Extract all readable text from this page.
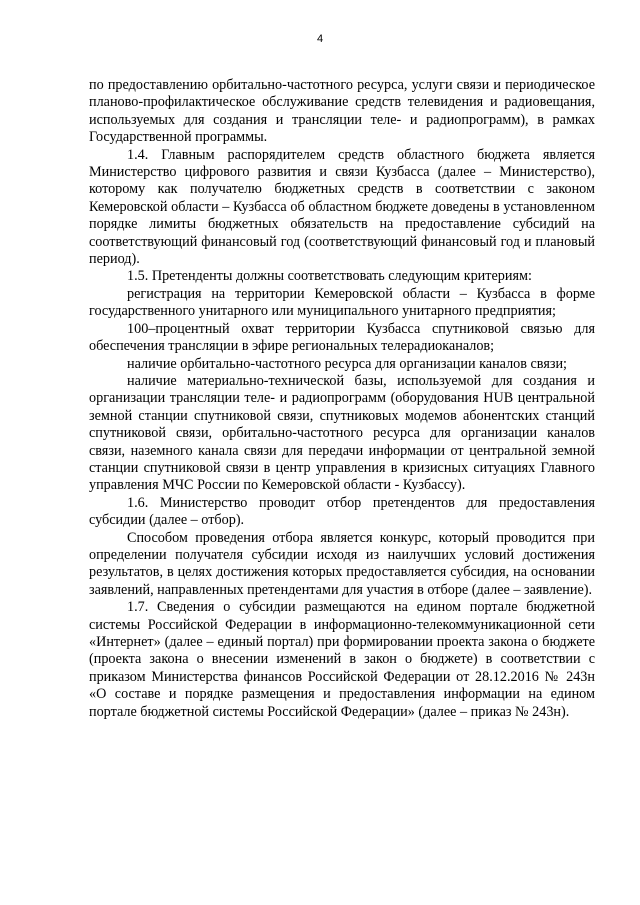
4

по предоставлению орбитально-частотного ресурса, услуги связи и периодическое планово-профилактическое обслуживание средств телевидения и радиовещания, используемых для создания и трансляции теле- и радиопрограмм), в рамках Государственной программы.

1.4. Главным распорядителем средств областного бюджета является Министерство цифрового развития и связи Кузбасса (далее – Министерство), которому как получателю бюджетных средств в соответствии с законом Кемеровской области – Кузбасса об областном бюджете доведены в установленном порядке лимиты бюджетных обязательств на предоставление субсидий на соответствующий финансовый год (соответствующий финансовый год и плановый период).

1.5. Претенденты должны соответствовать следующим критериям:

регистрация на территории Кемеровской области – Кузбасса в форме государственного унитарного или муниципального унитарного предприятия;

100–процентный охват территории Кузбасса спутниковой связью для обеспечения трансляции в эфире региональных телерадиоканалов;

наличие орбитально-частотного ресурса для организации каналов связи;

наличие материально-технической базы, используемой для создания и организации трансляции теле- и радиопрограмм (оборудования HUB центральной земной станции спутниковой связи, спутниковых модемов абонентских станций спутниковой связи, орбитально-частотного ресурса для организации каналов связи, наземного канала связи для передачи информации от центральной земной станции спутниковой связи в центр управления в кризисных ситуациях Главного управления МЧС России по Кемеровской области - Кузбассу).

1.6. Министерство проводит отбор претендентов для предоставления субсидии (далее – отбор).

Способом проведения отбора является конкурс, который проводится при определении получателя субсидии исходя из наилучших условий достижения результатов, в целях достижения которых предоставляется субсидия, на основании заявлений, направленных претендентами для участия в отборе (далее – заявление).

1.7. Сведения о субсидии размещаются на едином портале бюджетной системы Российской Федерации в информационно-телекоммуникационной сети «Интернет» (далее – единый портал) при формировании проекта закона о бюджете (проекта закона о внесении изменений в закон о бюджете) в соответствии с приказом Министерства финансов Российской Федерации от 28.12.2016 № 243н «О составе и порядке размещения и предоставления информации на едином портале бюджетной системы Российской Федерации» (далее – приказ № 243н).
